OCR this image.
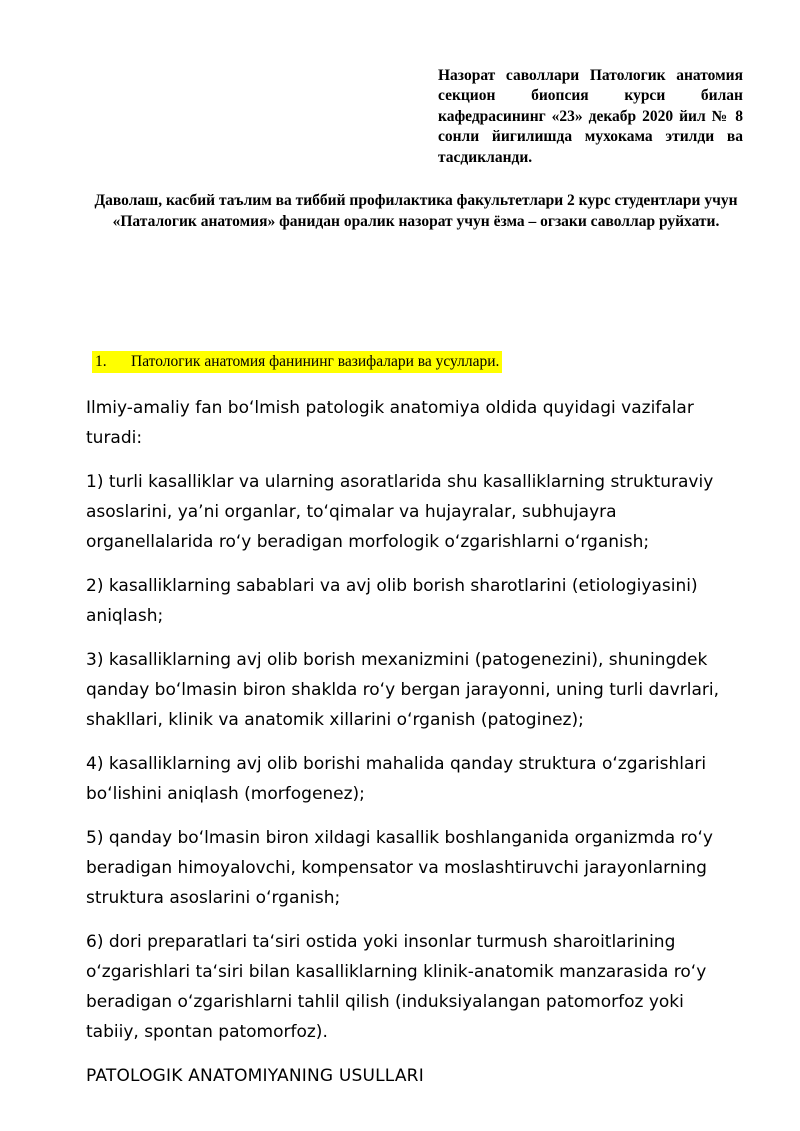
Назорат саволлари Патологик анатомия секцион биопсия курси билан кафедрасининг «23» декабр 2020 йил № 8 сонли йигилишда мухокама этилди ва тасдикланди.
Даволаш, касбий таълим ва тиббий профилактика факультетлари 2 курс студентлари учун «Паталогик анатомия» фанидан оралик назорат учун ёзма – огзаки саволлар руйхати.
1. Патологик анатомия фанининг вазифалари ва усуллари.

Ilmiy-amaliy fan boʻlmish patologik anatomiya oldida quyidagi vazifalar turadi:

1) turli kasalliklar va ularning asoratlarida shu kasalliklarning strukturaviy asoslarini, ya’ni organlar, toʻqimalar va hujayralar, subhujayra organellalarida roʻy beradigan morfologik oʻzgarishlarni oʻrganish;

2) kasalliklarning sabablari va avj olib borish sharotlarini (etiologiyasini) aniqlash;

3) kasalliklarning avj olib borish mexanizmini (patogenezini), shuningdek qanday boʻlmasin biron shaklda roʻy bergan jarayonni, uning turli davrlari, shakllari, klinik va anatomik xillarini oʻrganish (patoginez);

4) kasalliklarning avj olib borishi mahalida qanday struktura oʻzgarishlari boʻlishini aniqlash (morfogenez);

5) qanday boʻlmasin biron xildagi kasallik boshlanganida organizmda roʻy beradigan himoyalovchi, kompensator va moslashtiruvchi jarayonlarning struktura asoslarini oʻrganish;

6) dori preparatlari taʻsiri ostida yoki insonlar turmush sharoitlarining oʻzgarishlari taʻsiri bilan kasalliklarning klinik-anatomik manzarasida roʻy beradigan oʻzgarishlarni tahlil qilish (induksiyalangan patomorfoz yoki tabiiy, spontan patomorfoz).

PATOLOGIK ANATOMIYANING USULLARI
